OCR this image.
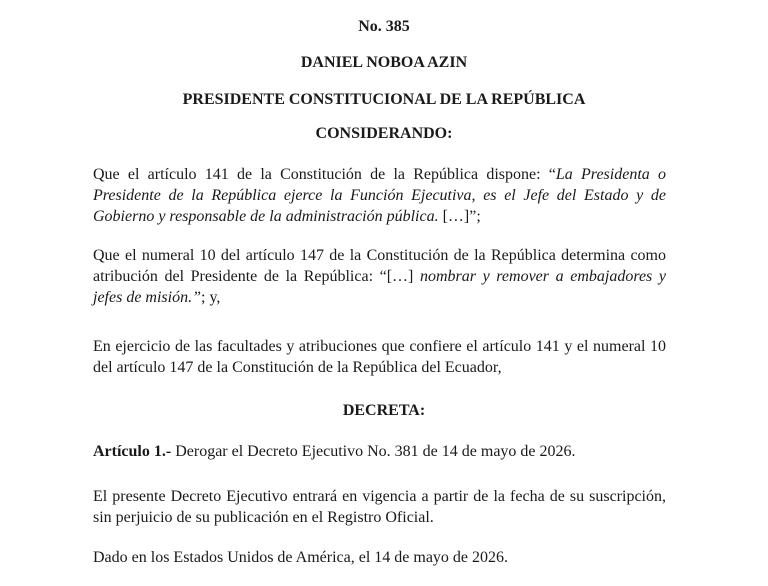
No. 385

DANIEL NOBOA AZIN

PRESIDENTE CONSTITUCIONAL DE LA REPÚBLICA

CONSIDERANDO:

Que el artículo 141 de la Constitución de la República dispone: “La Presidenta o Presidente de la República ejerce la Función Ejecutiva, es el Jefe del Estado y de Gobierno y responsable de la administración pública. […]”;

Que el numeral 10 del artículo 147 de la Constitución de la República determina como atribución del Presidente de la República: “[…] nombrar y remover a embajadores y jefes de misión.”; y,

En ejercicio de las facultades y atribuciones que confiere el artículo 141 y el numeral 10 del artículo 147 de la Constitución de la República del Ecuador,

DECRETA:

Artículo 1.- Derogar el Decreto Ejecutivo No. 381 de 14 de mayo de 2026.

El presente Decreto Ejecutivo entrará en vigencia a partir de la fecha de su suscripción, sin perjuicio de su publicación en el Registro Oficial.

Dado en los Estados Unidos de América, el 14 de mayo de 2026.
